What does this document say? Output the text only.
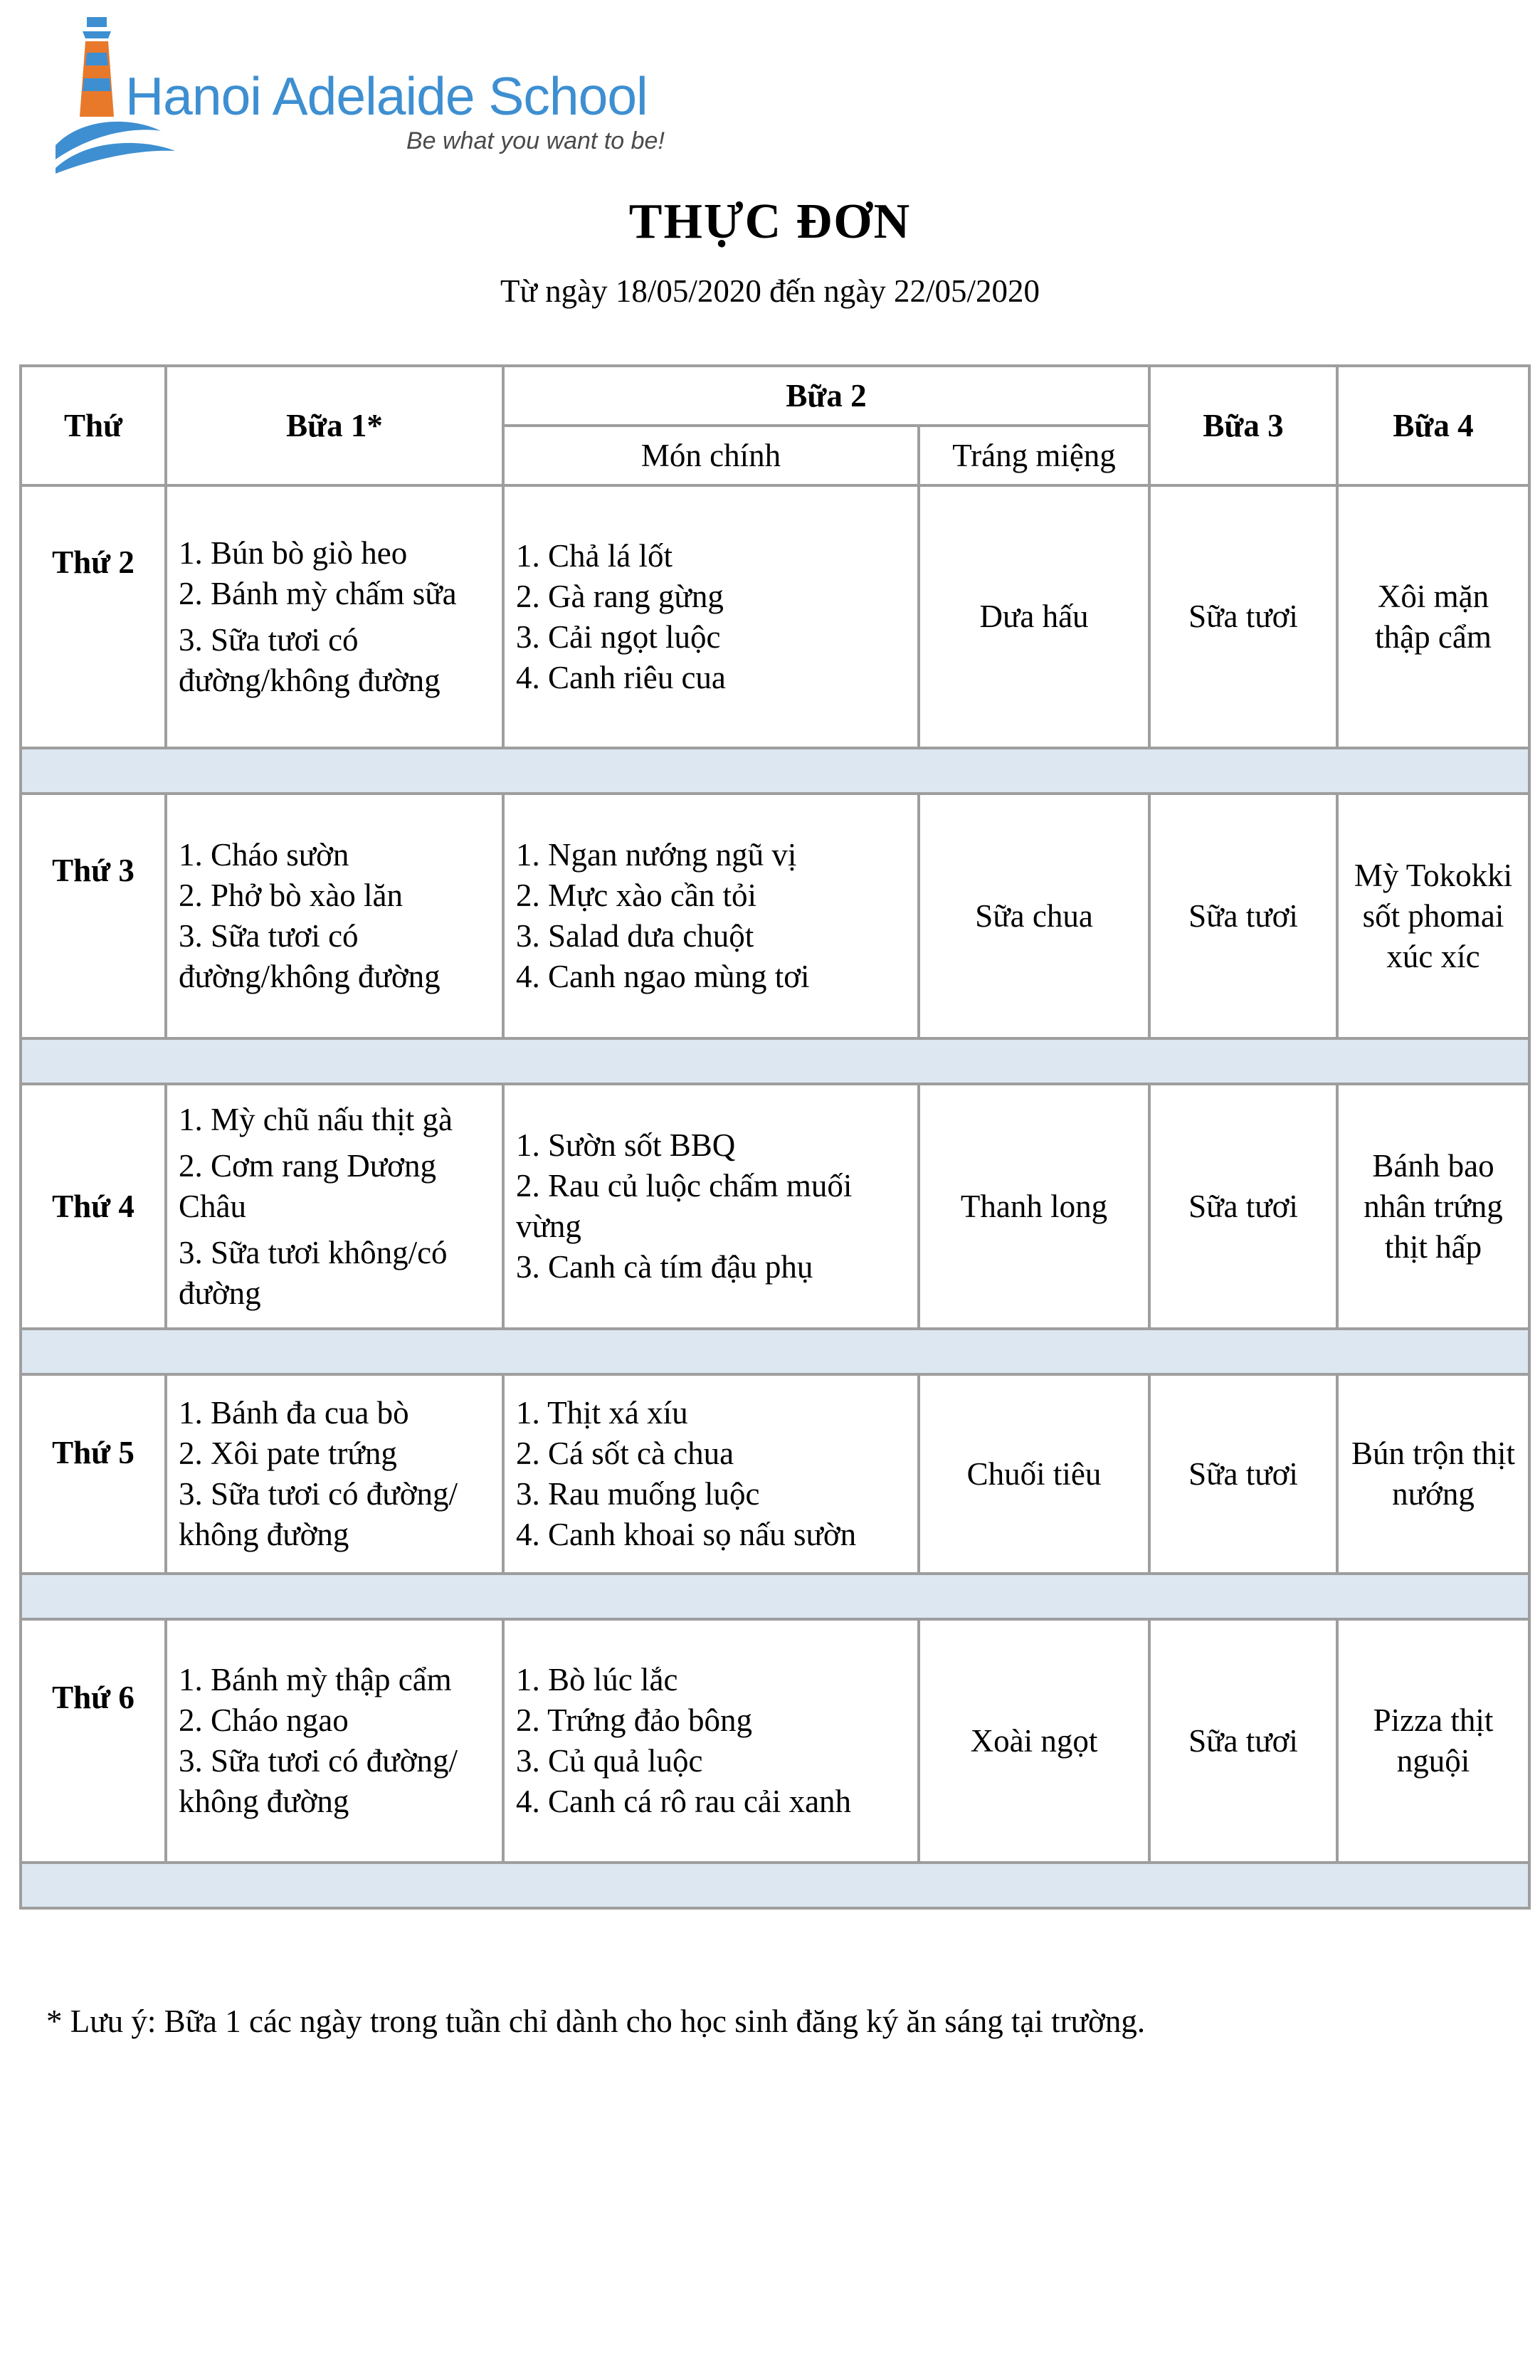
Hanoi Adelaide School
Be what you want to be!
THỰC ĐƠN
Từ ngày 18/05/2020 đến ngày 22/05/2020
Thứ	Bữa 1*	Bữa 2		Bữa 3	Bữa 4
		Món chính	Tráng miệng		
Thứ 2	1. Bún bò giò heo
2. Bánh mỳ chấm sữa
3. Sữa tươi có đường/không đường	1. Chả lá lốt
2. Gà rang gừng
3. Cải ngọt luộc
4. Canh riêu cua	Dưa hấu	Sữa tươi	Xôi mặn thập cẩm

Thứ 3	1. Cháo sườn
2. Phở bò xào lăn
3. Sữa tươi có đường/không đường	1. Ngan nướng ngũ vị
2. Mực xào cần tỏi
3. Salad dưa chuột
4. Canh ngao mùng tơi	Sữa chua	Sữa tươi	Mỳ Tokokki sốt phomai xúc xíc

Thứ 4	1. Mỳ chũ nấu thịt gà
2. Cơm rang Dương Châu
3. Sữa tươi không/có đường	1. Sườn sốt BBQ
2. Rau củ luộc chấm muối vừng
3. Canh cà tím đậu phụ	Thanh long	Sữa tươi	Bánh bao nhân trứng thịt hấp

Thứ 5	1. Bánh đa cua bò
2. Xôi pate trứng
3. Sữa tươi có đường/ không đường	1. Thịt xá xíu
2. Cá sốt cà chua
3. Rau muống luộc
4. Canh khoai sọ nấu sườn	Chuối tiêu	Sữa tươi	Bún trộn thịt nướng

Thứ 6	1. Bánh mỳ thập cẩm
2. Cháo ngao
3. Sữa tươi có đường/ không đường	1. Bò lúc lắc
2. Trứng đảo bông
3. Củ quả luộc
4. Canh cá rô rau cải xanh	Xoài ngọt	Sữa tươi	Pizza thịt nguội

* Lưu ý: Bữa 1 các ngày trong tuần chỉ dành cho học sinh đăng ký ăn sáng tại trường.
